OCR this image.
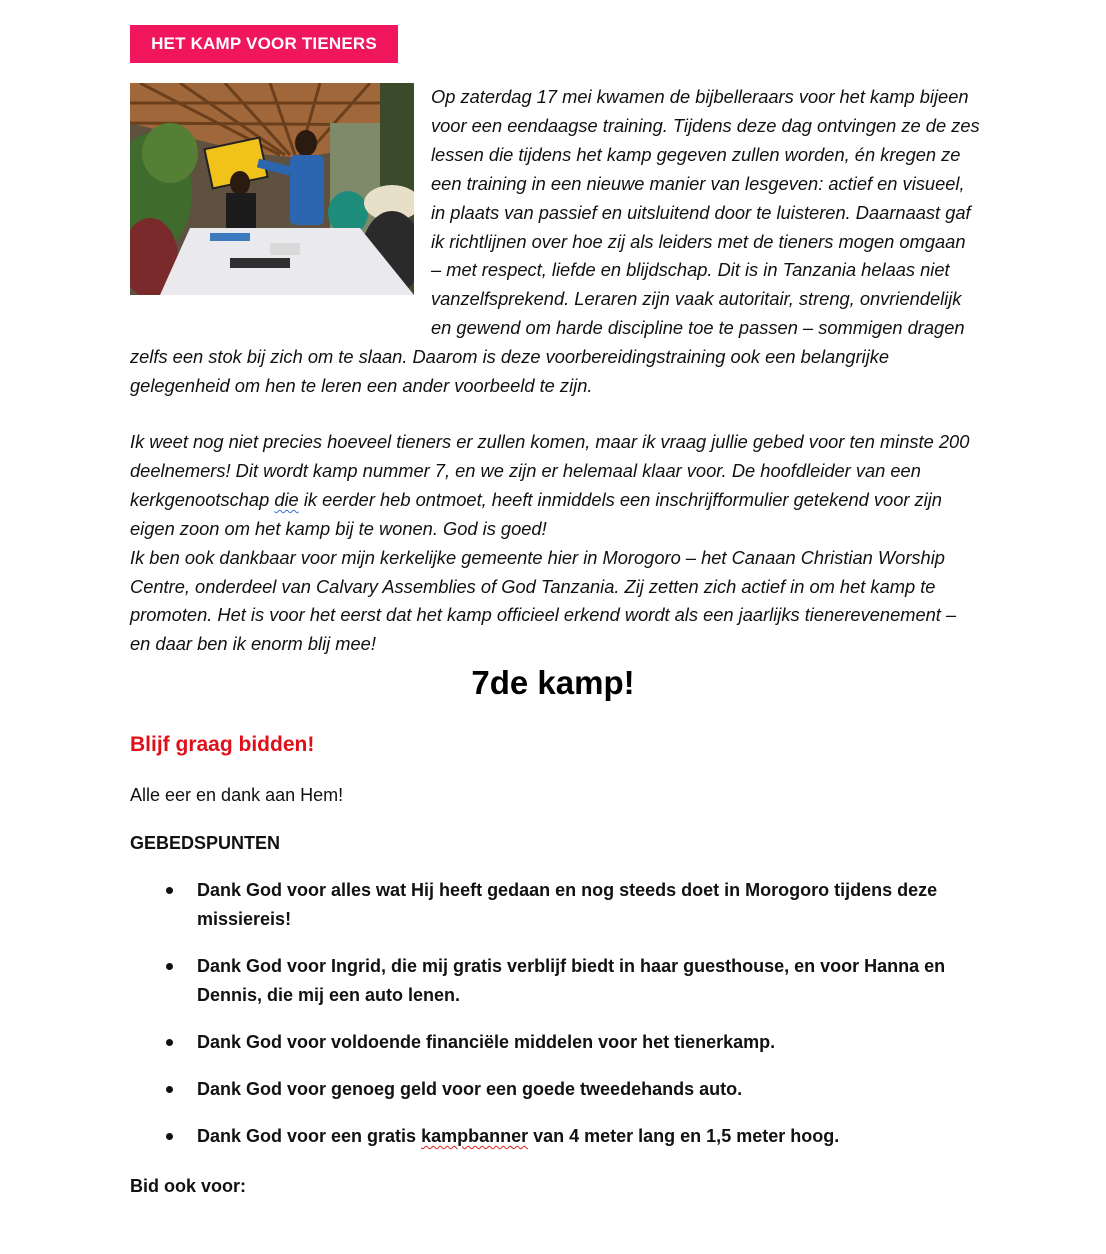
HET KAMP VOOR TIENERS

Op zaterdag 17 mei kwamen de bijbelleraars voor het kamp bijeen voor een eendaagse training. Tijdens deze dag ontvingen ze de zes lessen die tijdens het kamp gegeven zullen worden, én kregen ze een training in een nieuwe manier van lesgeven: actief en visueel, in plaats van passief en uitsluitend door te luisteren. Daarnaast gaf ik richtlijnen over hoe zij als leiders met de tieners mogen omgaan – met respect, liefde en blijdschap. Dit is in Tanzania helaas niet vanzelfsprekend. Leraren zijn vaak autoritair, streng, onvriendelijk en gewend om harde discipline toe te passen – sommigen dragen zelfs een stok bij zich om te slaan. Daarom is deze voorbereidingstraining ook een belangrijke gelegenheid om hen te leren een ander voorbeeld te zijn.

Ik weet nog niet precies hoeveel tieners er zullen komen, maar ik vraag jullie gebed voor ten minste 200 deelnemers! Dit wordt kamp nummer 7, en we zijn er helemaal klaar voor. De hoofdleider van een kerkgenootschap die ik eerder heb ontmoet, heeft inmiddels een inschrijfformulier getekend voor zijn eigen zoon om het kamp bij te wonen. God is goed!

Ik ben ook dankbaar voor mijn kerkelijke gemeente hier in Morogoro – het Canaan Christian Worship Centre, onderdeel van Calvary Assemblies of God Tanzania. Zij zetten zich actief in om het kamp te promoten. Het is voor het eerst dat het kamp officieel erkend wordt als een jaarlijks tienerevenement – en daar ben ik enorm blij mee!

7de kamp!
Blijf graag bidden!
Alle eer en dank aan Hem!
GEBEDSPUNTEN
Dank God voor alles wat Hij heeft gedaan en nog steeds doet in Morogoro tijdens deze missiereis!
Dank God voor Ingrid, die mij gratis verblijf biedt in haar guesthouse, en voor Hanna en Dennis, die mij een auto lenen.
Dank God voor voldoende financiële middelen voor het tienerkamp.
Dank God voor genoeg geld voor een goede tweedehands auto.
Dank God voor een gratis kampbanner van 4 meter lang en 1,5 meter hoog.
Bid ook voor:
